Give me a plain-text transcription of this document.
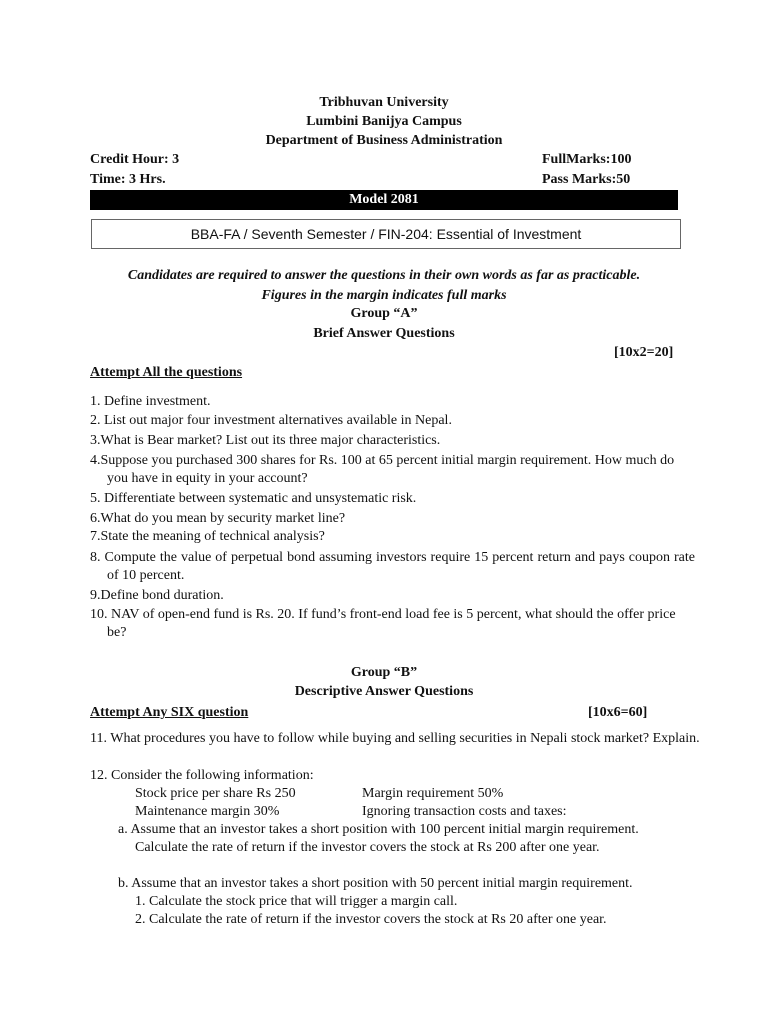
Tribhuvan University
Lumbini Banijya Campus
Department of Business Administration
Credit Hour: 3	FullMarks:100
Time: 3 Hrs.	Pass Marks:50
Model 2081
BBA-FA / Seventh Semester / FIN-204: Essential of Investment
Candidates are required to answer the questions in their own words as far as practicable.
Figures in the margin indicates full marks
Group “A”
Brief Answer Questions
[10x2=20]
Attempt All the questions
1. Define investment.
2. List out major four investment alternatives available in Nepal.
3.What is Bear market? List out its three major characteristics.
4.Suppose you purchased 300 shares for Rs. 100 at 65 percent initial margin requirement. How much do you have in equity in your account?
5. Differentiate between systematic and unsystematic risk.
6.What do you mean by security market line?
7.State the meaning of technical analysis?
8. Compute the value of perpetual bond assuming investors require 15 percent return and pays coupon rate of 10 percent.
9.Define bond duration.
10. NAV of open-end fund is Rs. 20. If fund’s front-end load fee is 5 percent, what should the offer price be?
Group “B”
Descriptive Answer Questions
Attempt Any SIX question	[10x6=60]
11. What procedures you have to follow while buying and selling securities in Nepali stock market? Explain.
12. Consider the following information:
Stock price per share Rs 250	Margin requirement 50%
Maintenance margin 30%	Ignoring transaction costs and taxes:
a. Assume that an investor takes a short position with 100 percent initial margin requirement. Calculate the rate of return if the investor covers the stock at Rs 200 after one year.
b. Assume that an investor takes a short position with 50 percent initial margin requirement.
1. Calculate the stock price that will trigger a margin call.
2. Calculate the rate of return if the investor covers the stock at Rs 20 after one year.
